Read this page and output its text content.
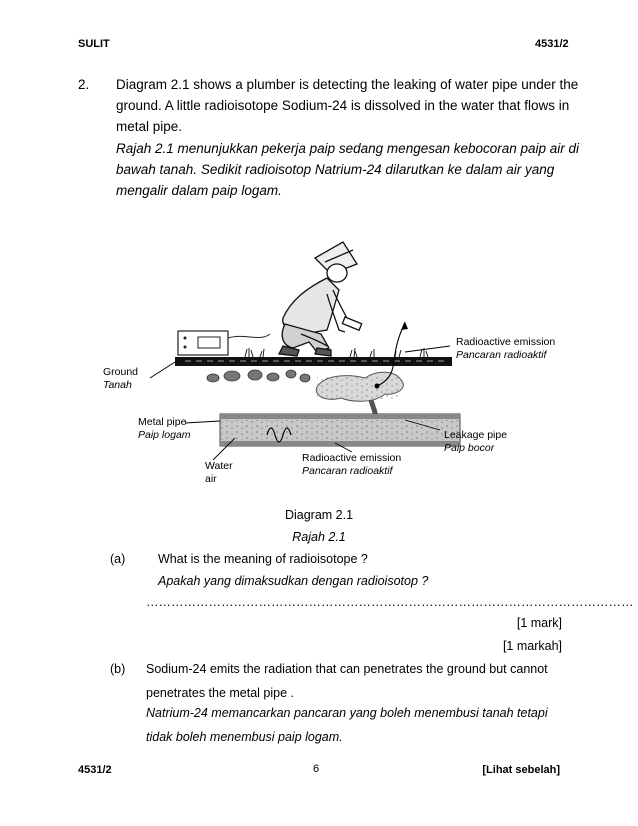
SULIT	4531/2
2. Diagram 2.1 shows a plumber is detecting the leaking of water pipe under the
ground. A little radioisotope Sodium-24 is dissolved in the water that flows in
metal pipe.
Rajah 2.1 menunjukkan pekerja paip sedang mengesan kebocoran paip air di
bawah tanah. Sedikit radioisotop Natrium-24 dilarutkan ke dalam air yang
mengalir dalam paip logam.
Radioactive emission
Pancaran radioaktif
Ground
Tanah
Metal pipe
Paip logam	Leakage pipe
Paip bocor
Radioactive emission
Pancaran radioaktif
Water
air
Diagram 2.1
Rajah 2.1
(a)	What is the meaning of radioisotope ?
Apakah yang dimaksudkan dengan radioisotop ?
………………………………………………………………………………………………………
[1 mark]
[1 markah]
(b) Sodium-24 emits the radiation that can penetrates the ground but cannot
penetrates the metal pipe .
Natrium-24 memancarkan pancaran yang boleh menembusi tanah tetapi
tidak boleh menembusi paip logam.
4531/2	6	[Lihat sebelah]
